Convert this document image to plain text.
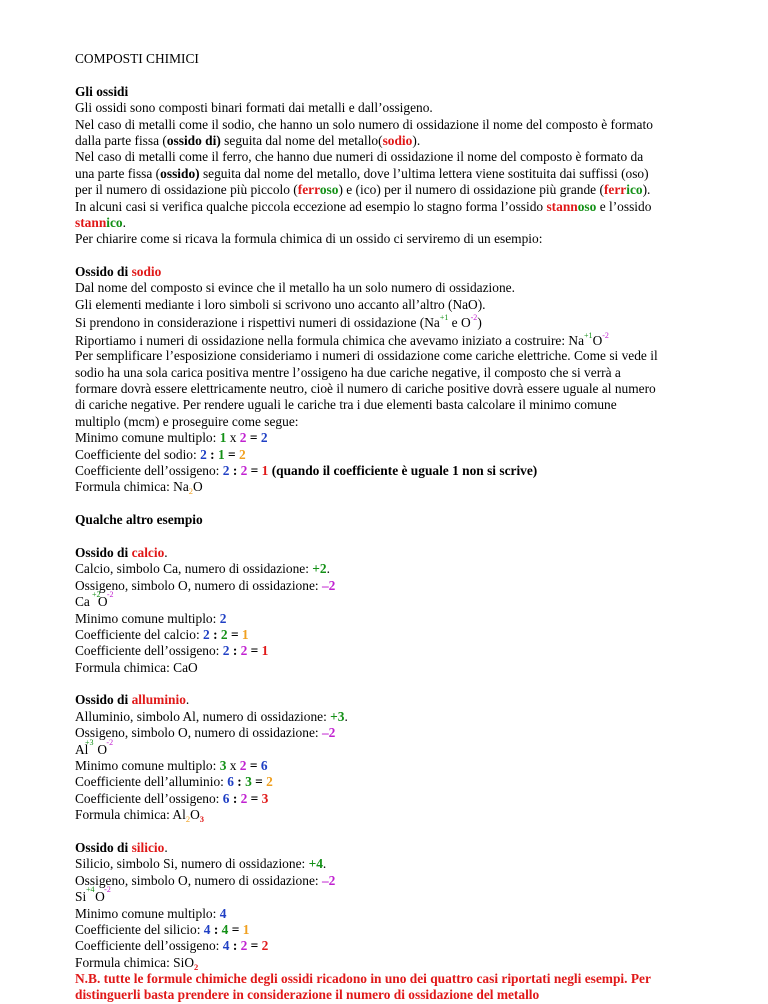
COMPOSTI CHIMICI
Gli ossidi
Gli ossidi sono composti binari formati dai metalli e dall’ossigeno.
Nel caso di metalli come il sodio, che hanno un solo numero di ossidazione il nome del composto è formato
dalla parte fissa (ossido di) seguita dal nome del metallo(sodio).
Nel caso di metalli come il ferro, che hanno due numeri di ossidazione il nome del composto è formato da
una parte fissa (ossido) seguita dal nome del metallo, dove l’ultima lettera viene sostituita dai suffissi (oso)
per il numero di ossidazione più piccolo (ferroso) e (ico) per il numero di ossidazione più grande (ferrico).
In alcuni casi si verifica qualche piccola eccezione ad esempio lo stagno forma l’ossido stannoso e l’ossido
stannico.
Per chiarire come si ricava la formula chimica di un ossido ci serviremo di un esempio:
Ossido di sodio
Dal nome del composto si evince che il metallo ha un solo numero di ossidazione.
Gli elementi mediante i loro simboli si scrivono uno accanto all’altro (NaO).
Si prendono in considerazione i rispettivi numeri di ossidazione ($Na^{+1}$ e $O^{-2}$)
Riportiamo i numeri di ossidazione nella formula chimica che avevamo iniziato a costruire: $Na^{+1}O^{-2}$
Per semplificare l’esposizione consideriamo i numeri di ossidazione come cariche elettriche. Come si vede il
sodio ha una sola carica positiva mentre l’ossigeno ha due cariche negative, il composto che si verrà a
formare dovrà essere elettricamente neutro, cioè il numero di cariche positive dovrà essere uguale al numero
di cariche negative. Per rendere uguali le cariche tra i due elementi basta calcolare il minimo comune
multiplo (mcm) e proseguire come segue:
Minimo comune multiplo: 1 x 2 = 2
Coefficiente del sodio: 2 : 1 = 2
Coefficiente dell’ossigeno: 2 : 2 = 1 (quando il coefficiente è uguale 1 non si scrive)
Formula chimica: $Na_2O$
Qualche altro esempio
Ossido di calcio.
Calcio, simbolo Ca, numero di ossidazione: +2.
Ossigeno, simbolo O, numero di ossidazione: –2
Ca +2
O -2
Minimo comune multiplo: 2
Coefficiente del calcio: 2 : 2 = 1
Coefficiente dell’ossigeno: 2 : 2 = 1
Formula chimica: CaO
Ossido di alluminio.
Alluminio, simbolo Al, numero di ossidazione: +3.
Ossigeno, simbolo O, numero di ossidazione: –2
Al
+3 O -2
Minimo comune multiplo: 3 x 2 = 6
Coefficiente dell’alluminio: 6 : 3 = 2
Coefficiente dell’ossigeno: 6 : 2 = 3
Formula chimica: $Al_2O_3$
Ossido di silicio.
Silicio, simbolo Si, numero di ossidazione: +4.
Ossigeno, simbolo O, numero di ossidazione: –2
Si +4 O -2
Minimo comune multiplo: 4
Coefficiente del silicio: 4 : 4 = 1
Coefficiente dell’ossigeno: 4 : 2 = 2
Formula chimica: SiO$_2$
N.B. tutte le formule chimiche degli ossidi ricadono in uno dei quattro casi riportati negli esempi. Per
distinguerli basta prendere in considerazione il numero di ossidazione del metallo
